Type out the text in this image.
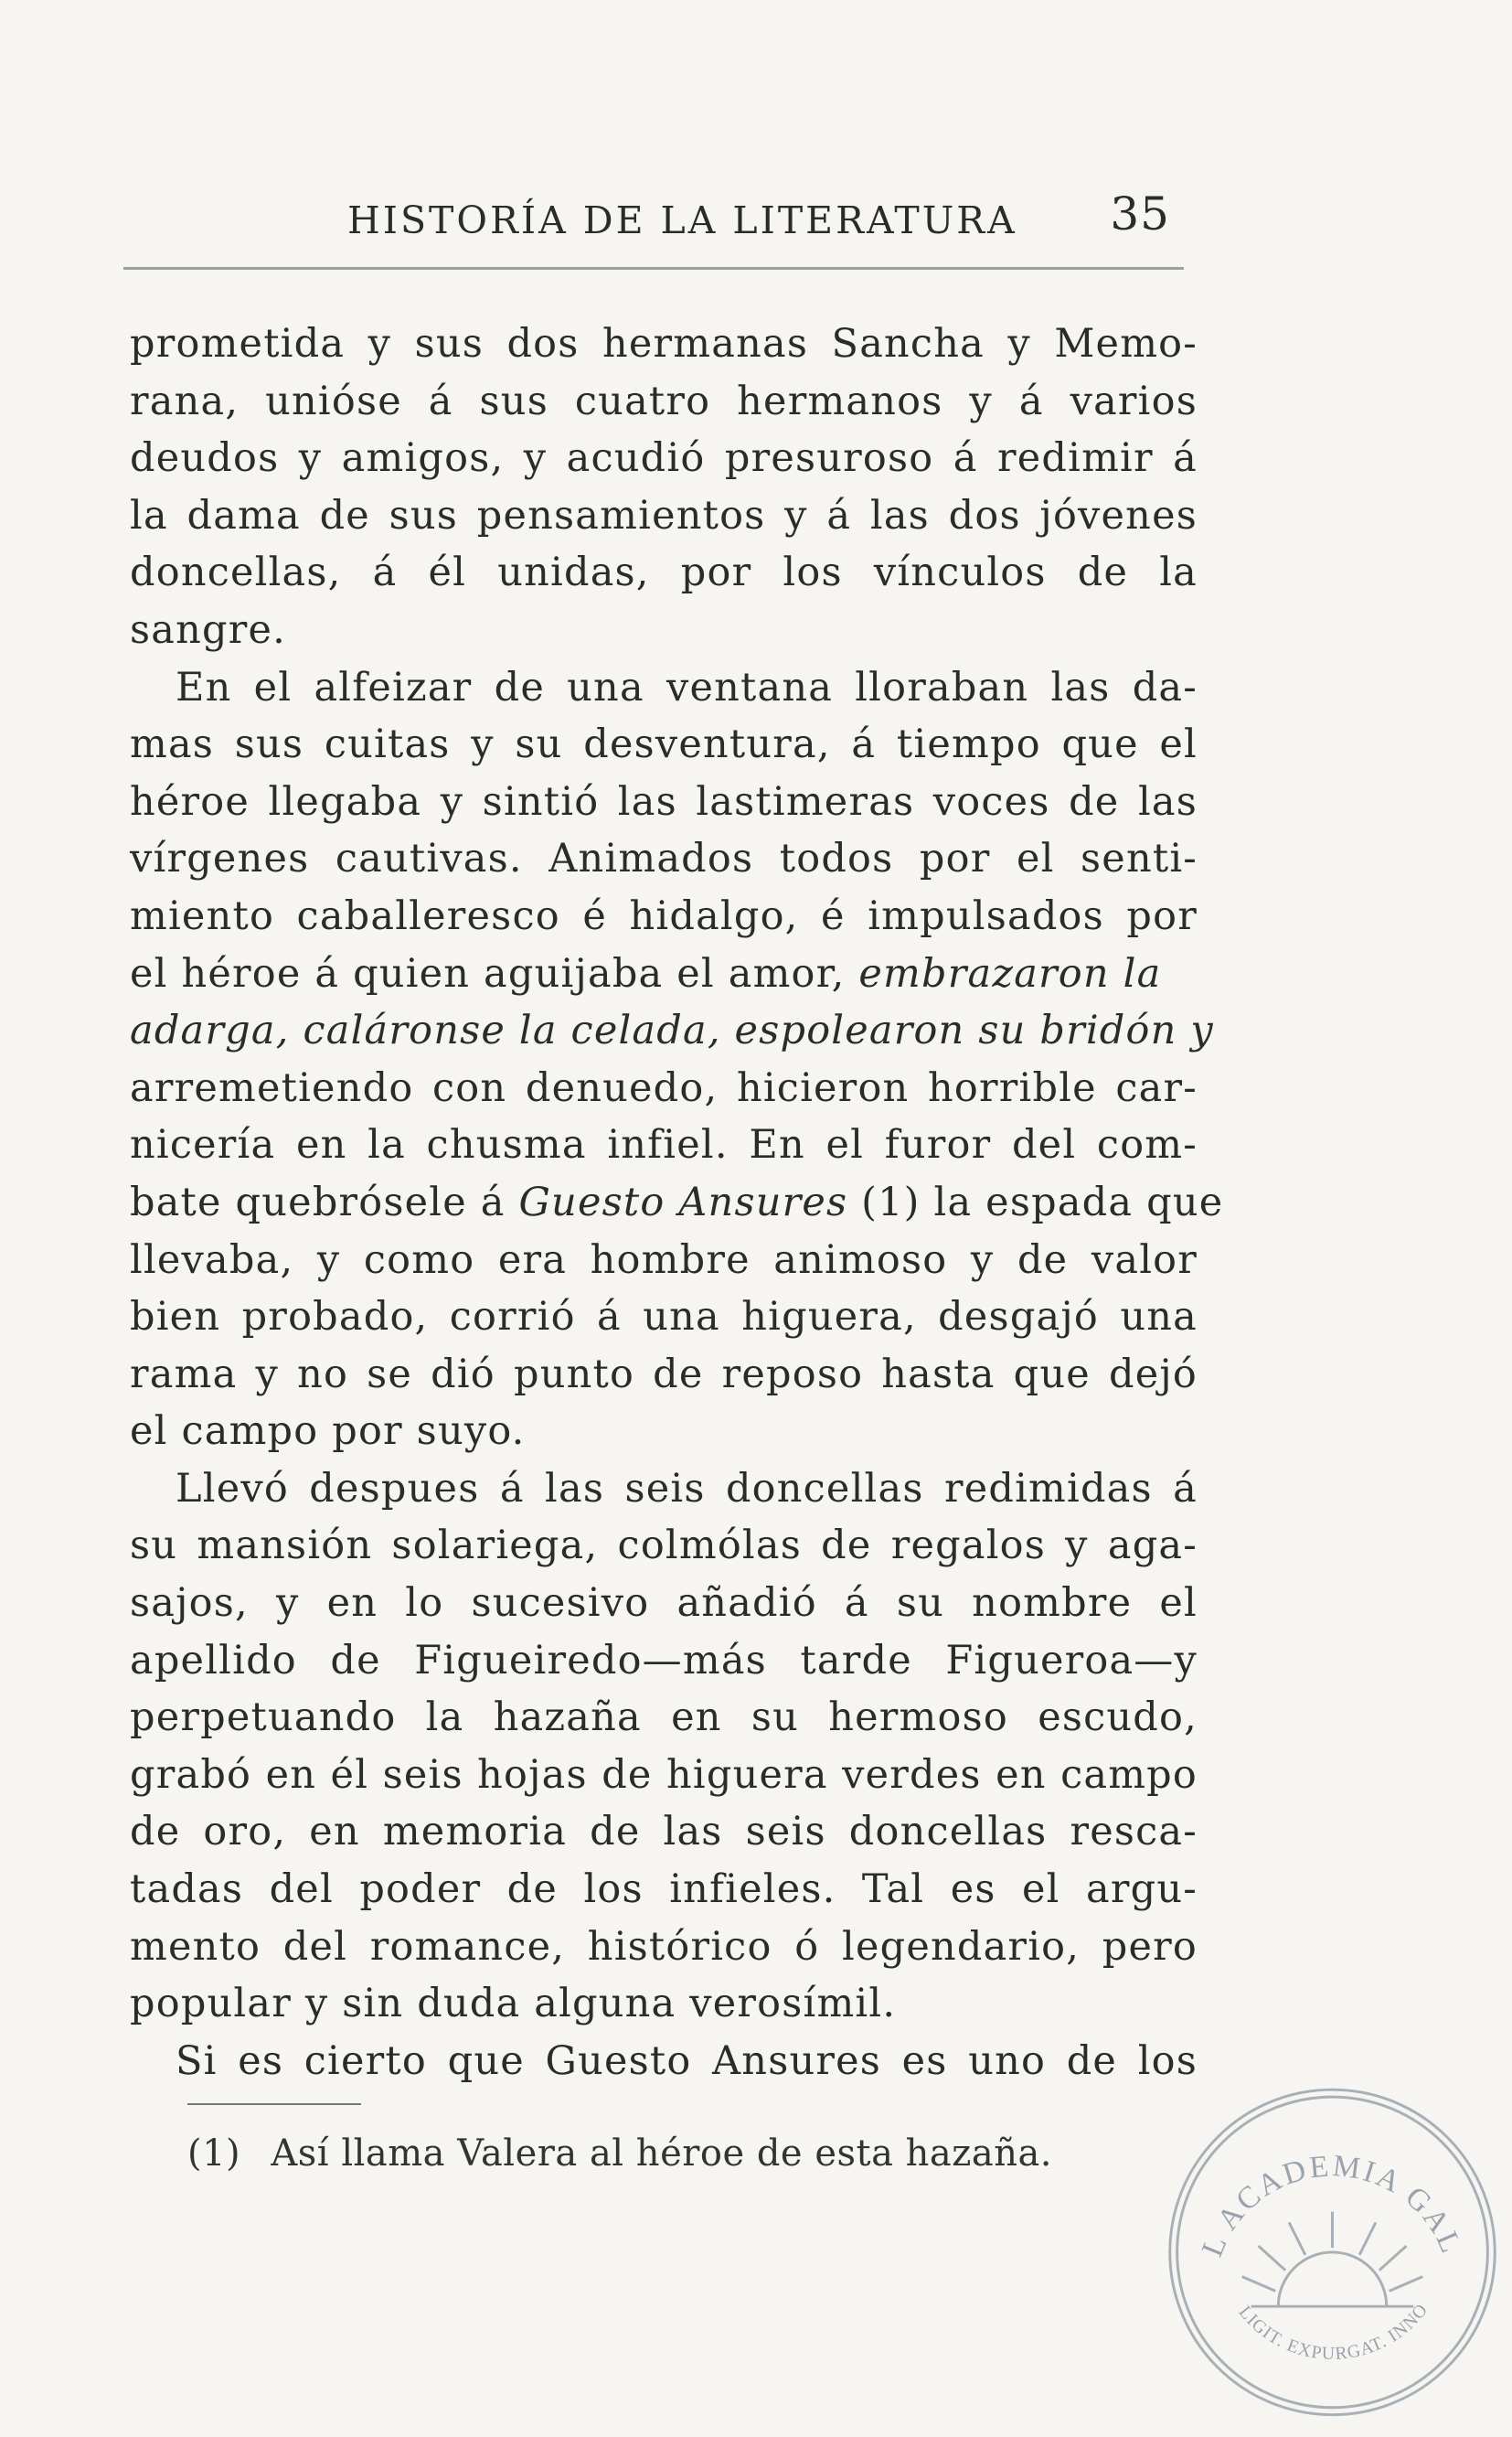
HISTORÍA DE LA LITERATURA 35
prometida y sus dos hermanas Sancha y Memo-
rana, unióse á sus cuatro hermanos y á varios
deudos y amigos, y acudió presuroso á redimir á
la dama de sus pensamientos y á las dos jóvenes
doncellas, á él unidas, por los vínculos de la
sangre.
En el alfeizar de una ventana lloraban las da-
mas sus cuitas y su desventura, á tiempo que el
héroe llegaba y sintió las lastimeras voces de las
vírgenes cautivas. Animados todos por el senti-
miento caballeresco é hidalgo, é impulsados por
el héroe á quien aguijaba el amor, embrazaron la
adarga, caláronse la celada, espolearon su bridón y
arremetiendo con denuedo, hicieron horrible car-
nicería en la chusma infiel. En el furor del com-
bate quebrósele á Guesto Ansures (1) la espada que
llevaba, y como era hombre animoso y de valor
bien probado, corrió á una higuera, desgajó una
rama y no se dió punto de reposo hasta que dejó
el campo por suyo.
Llevó despues á las seis doncellas redimidas á
su mansión solariega, colmólas de regalos y aga-
sajos, y en lo sucesivo añadió á su nombre el
apellido de Figueiredo—más tarde Figueroa—y
perpetuando la hazaña en su hermoso escudo,
grabó en él seis hojas de higuera verdes en campo
de oro, en memoria de las seis doncellas resca-
tadas del poder de los infieles. Tal es el argu-
mento del romance, histórico ó legendario, pero
popular y sin duda alguna verosímil.
Si es cierto que Guesto Ansures es uno de los
(1) Así llama Valera al héroe de esta hazaña.
L ACADEMIA GAL
LIGIT. EXPURGAT. INNO
